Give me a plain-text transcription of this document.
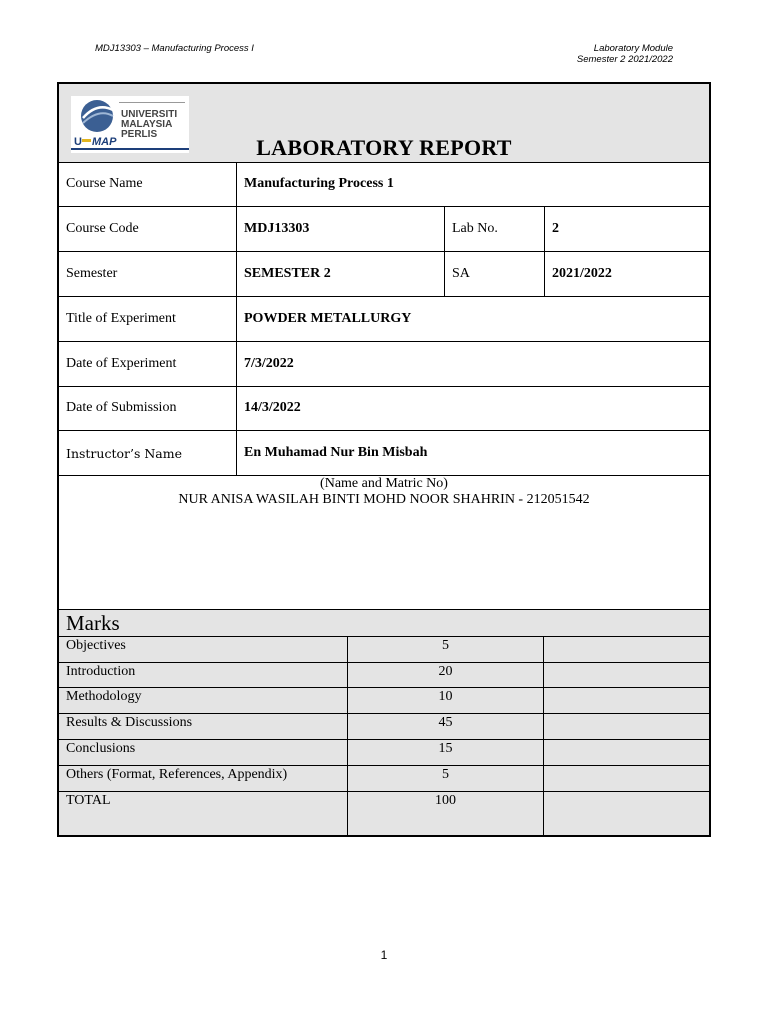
MDJ13303 – Manufacturing Process I	Laboratory Module
Semester 2 2021/2022
UNIVERSITI
MALAYSIA
PERLIS
U MAP	LABORATORY REPORT
Course Name	Manufacturing Process 1
Course Code	MDJ13303	Lab No.	2
Semester	SEMESTER 2	SA	2021/2022
Title of Experiment	POWDER METALLURGY
Date of Experiment	7/3/2022
Date of Submission	14/3/2022
Instructor’s Name	En Muhamad Nur Bin Misbah
(Name and Matric No)
NUR ANISA WASILAH BINTI MOHD NOOR SHAHRIN - 212051542
Marks
Objectives	5
Introduction	20
Methodology	10
Results & Discussions	45
Conclusions	15
Others (Format, References, Appendix)	5
TOTAL	100
1
